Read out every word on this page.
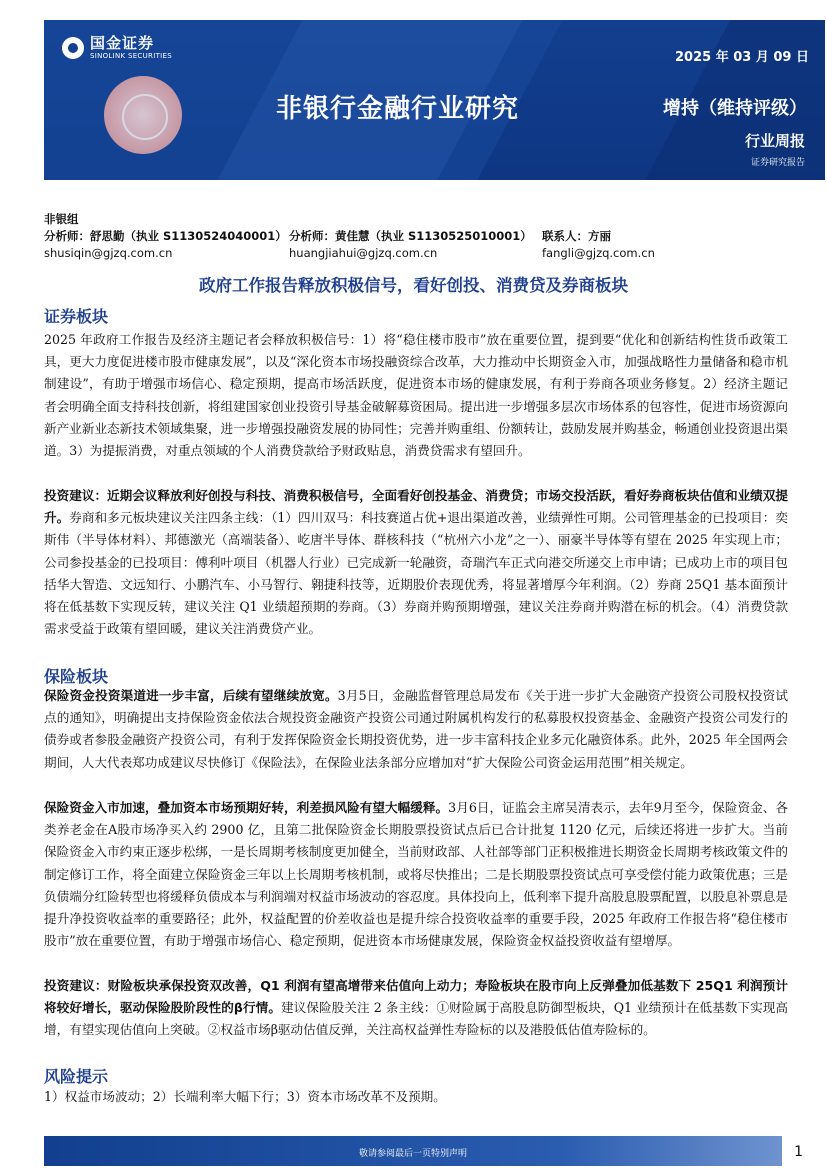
国金证券
SINOLINK SECURITIES	2025 年 03 月 09 日
非银行金融行业研究	增持（维持评级）
行业周报
证券研究报告
非银组
分析师：舒思勤（执业 S1130524040001） 分析师：黄佳慧（执业 S1130525010001） 联系人：方丽
shusiqin@gjzq.com.cn	huangjiahui@gjzq.com.cn	fangli@gjzq.com.cn
政府工作报告释放积极信号，看好创投、消费贷及券商板块
证券板块
2025 年政府工作报告及经济主题记者会释放积极信号：1）将“稳住楼市股市”放在重要位置，提到要“优化和创新结构性货币政策工具，更大力度促进楼市股市健康发展”，以及“深化资本市场投融资综合改革，大力推动中长期资金入市，加强战略性力量储备和稳市机制建设”，有助于增强市场信心、稳定预期，提高市场活跃度，促进资本市场的健康发展，有利于券商各项业务修复。2）经济主题记者会明确全面支持科技创新，将组建国家创业投资引导基金破解募资困局。提出进一步增强多层次市场体系的包容性，促进市场资源向新产业新业态新技术领域集聚，进一步增强投融资发展的协同性；完善并购重组、份额转让，鼓励发展并购基金，畅通创业投资退出渠道。3）为提振消费，对重点领域的个人消费贷款给予财政贴息，消费贷需求有望回升。
投资建议：近期会议释放利好创投与科技、消费积极信号，全面看好创投基金、消费贷；市场交投活跃，看好券商板块估值和业绩双提升。券商和多元板块建议关注四条主线：（1）四川双马：科技赛道占优+退出渠道改善，业绩弹性可期。公司管理基金的已投项目：奕斯伟（半导体材料）、邦德激光（高端装备）、屹唐半导体、群核科技（“杭州六小龙”之一）、丽豪半导体等有望在 2025 年实现上市；公司参投基金的已投项目：傅利叶项目（机器人行业）已完成新一轮融资，奇瑞汽车正式向港交所递交上市申请；已成功上市的项目包括华大智造、文远知行、小鹏汽车、小马智行、翱捷科技等，近期股价表现优秀，将显著增厚今年利润。（2）券商 25Q1 基本面预计将在低基数下实现反转，建议关注 Q1 业绩超预期的券商。（3）券商并购预期增强，建议关注券商并购潜在标的机会。（4）消费贷款需求受益于政策有望回暖，建议关注消费贷产业。
保险板块
保险资金投资渠道进一步丰富，后续有望继续放宽。3月5日，金融监督管理总局发布《关于进一步扩大金融资产投资公司股权投资试点的通知》，明确提出支持保险资金依法合规投资金融资产投资公司通过附属机构发行的私募股权投资基金、金融资产投资公司发行的债券或者参股金融资产投资公司，有利于发挥保险资金长期投资优势，进一步丰富科技企业多元化融资体系。此外，2025 年全国两会期间，人大代表郑功成建议尽快修订《保险法》，在保险业法条部分应增加对“扩大保险公司资金运用范围”相关规定。
保险资金入市加速，叠加资本市场预期好转，利差损风险有望大幅缓释。3月6日，证监会主席吴清表示，去年9月至今，保险资金、各类养老金在A股市场净买入约 2900 亿，且第二批保险资金长期股票投资试点后已合计批复 1120 亿元，后续还将进一步扩大。当前保险资金入市约束正逐步松绑，一是长周期考核制度更加健全，当前财政部、人社部等部门正积极推进长期资金长周期考核政策文件的制定修订工作，将全面建立保险资金三年以上长周期考核机制，或将尽快推出；二是长期股票投资试点可享受偿付能力政策优惠；三是负债端分红险转型也将缓释负债成本与利润端对权益市场波动的容忍度。具体投向上，低利率下提升高股息股票配置，以股息补票息是提升净投资收益率的重要路径；此外，权益配置的价差收益也是提升综合投资收益率的重要手段，2025 年政府工作报告将“稳住楼市股市”放在重要位置，有助于增强市场信心、稳定预期，促进资本市场健康发展，保险资金权益投资收益有望增厚。
投资建议：财险板块承保投资双改善，Q1 利润有望高增带来估值向上动力；寿险板块在股市向上反弹叠加低基数下 25Q1 利润预计将较好增长，驱动保险股阶段性的β行情。建议保险股关注 2 条主线：①财险属于高股息防御型板块，Q1 业绩预计在低基数下实现高增，有望实现估值向上突破。②权益市场β驱动估值反弹，关注高权益弹性寿险标的以及港股低估值寿险标的。
风险提示
1）权益市场波动；2）长端利率大幅下行；3）资本市场改革不及预期。
敬请参阅最后一页特别声明	1
